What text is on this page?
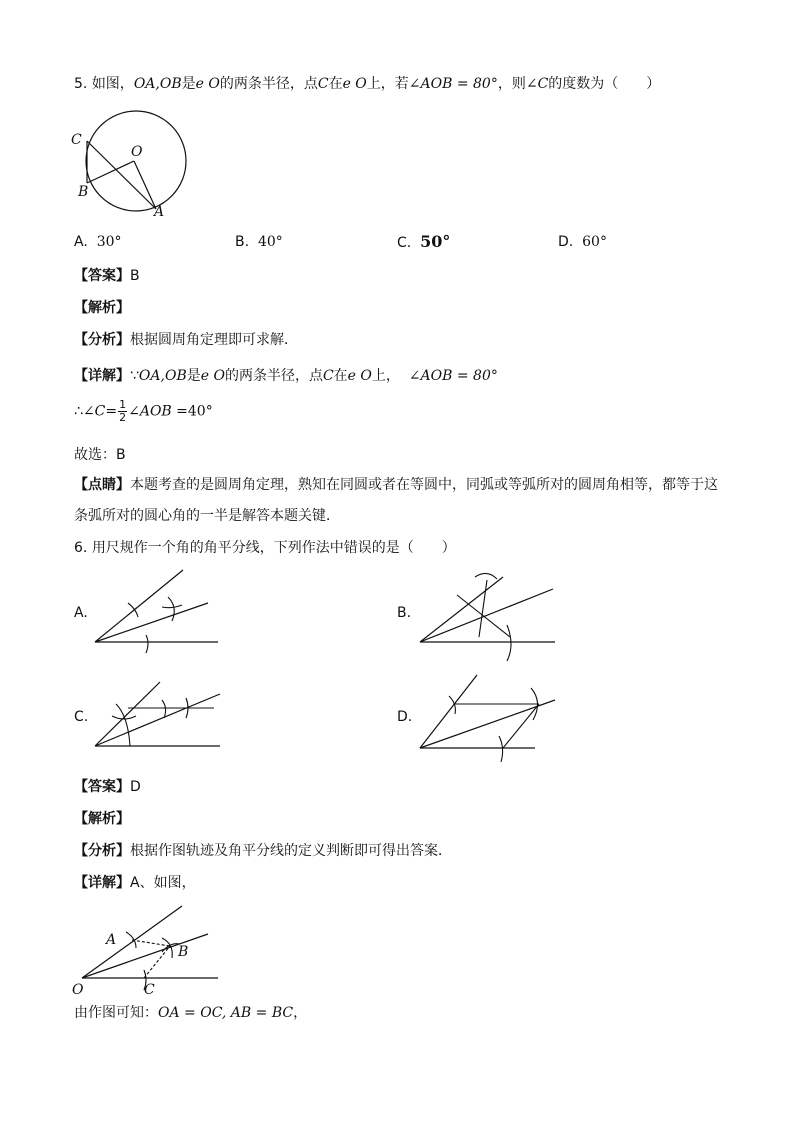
5. 如图，OA,OB是e O的两条半径，点C在e O上，若∠AOB = 80°，则∠C的度数为（　　）
C
O
B
A
A. 30°	B. 40°	C. 50°	D. 60°
【答案】B
【解析】
【分析】根据圆周角定理即可求解．
【详解】∵OA,OB是e O的两条半径，点C在e O上， ∠AOB = 80°
∴∠C= $\frac{1}{2}$ ∠AOB =40°
故选：B
【点睛】本题考查的是圆周角定理，熟知在同圆或者在等圆中，同弧或等弧所对的圆周角相等，都等于这
条弧所对的圆心角的一半是解答本题关键．
6. 用尺规作一个角的角平分线，下列作法中错误的是（　　）
A.	B.
C.	D.
【答案】D
【解析】
【分析】根据作图轨迹及角平分线的定义判断即可得出答案．
【详解】A、如图，
A
B
C
O
由作图可知：OA = OC, AB = BC，
